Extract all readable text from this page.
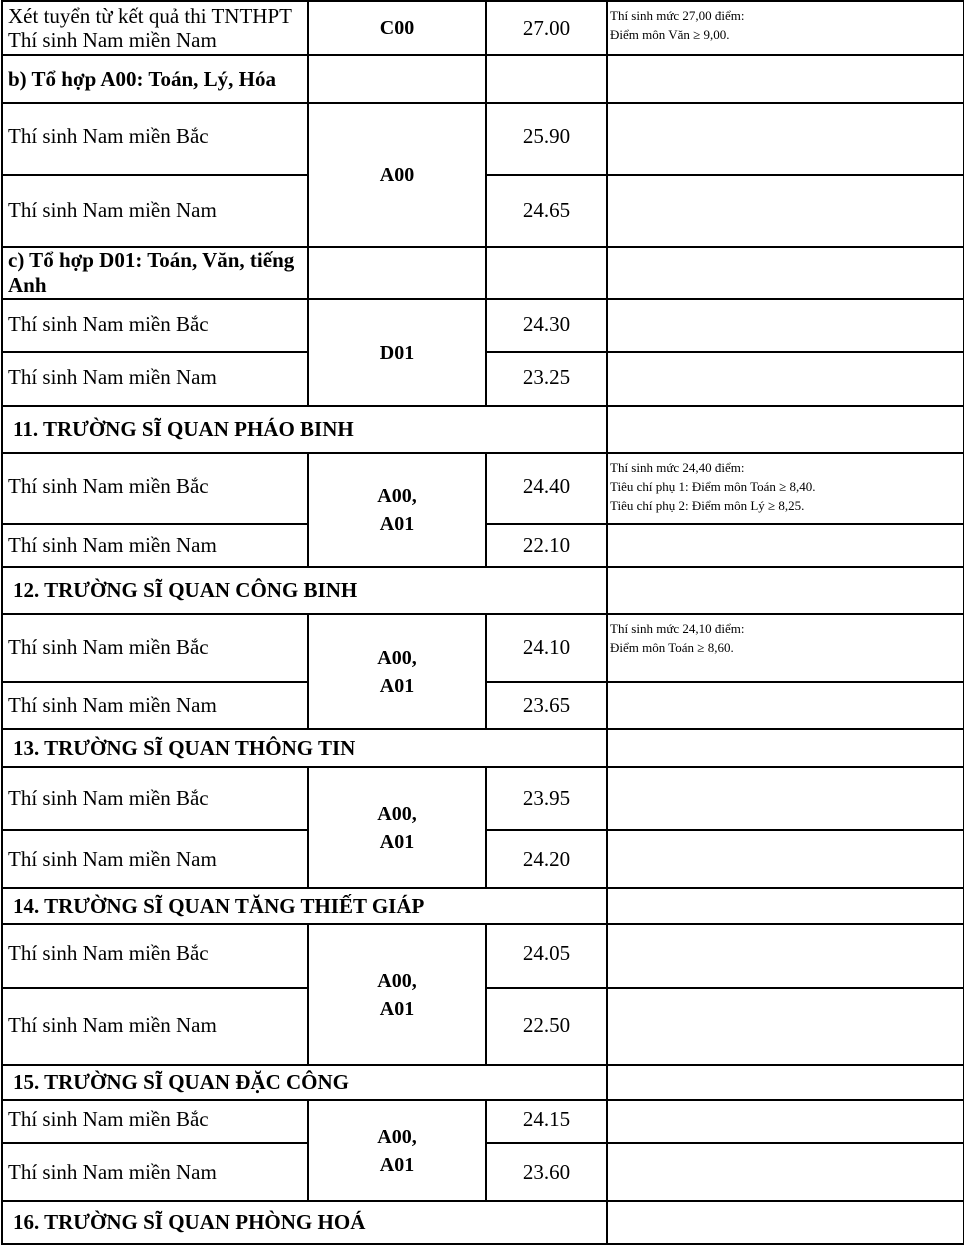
Xét tuyển từ kết quả thi TNTHPT
Thí sinh Nam miền Nam	C00	27.00	Thí sinh mức 27,00 điểm:
Điểm môn Văn ≥ 9,00.

b) Tổ hợp A00: Toán, Lý, Hóa			
Thí sinh Nam miền Bắc	A00	25.90	
Thí sinh Nam miền Nam		24.65	
c) Tổ hợp D01: Toán, Văn, tiếng Anh			
Thí sinh Nam miền Bắc	D01	24.30	
Thí sinh Nam miền Nam		23.25	
11. TRƯỜNG SĨ QUAN PHÁO BINH			
Thí sinh Nam miền Bắc	A00,
A01	24.40	Thí sinh mức 24,40 điểm:
Tiêu chí phụ 1: Điểm môn Toán ≥ 8,40.
Tiêu chí phụ 2: Điểm môn Lý ≥ 8,25.

Thí sinh Nam miền Nam		22.10	
12. TRƯỜNG SĨ QUAN CÔNG BINH			
Thí sinh Nam miền Bắc	A00,
A01	24.10	Thí sinh mức 24,10 điểm:
Điểm môn Toán ≥ 8,60.

Thí sinh Nam miền Nam		23.65	
13. TRƯỜNG SĨ QUAN THÔNG TIN			
Thí sinh Nam miền Bắc	A00,
A01	23.95	
Thí sinh Nam miền Nam		24.20	
14. TRƯỜNG SĨ QUAN TĂNG THIẾT GIÁP			
Thí sinh Nam miền Bắc	A00,
A01	24.05	
Thí sinh Nam miền Nam		22.50	
15. TRƯỜNG SĨ QUAN ĐẶC CÔNG			
Thí sinh Nam miền Bắc	A00,
A01	24.15	
Thí sinh Nam miền Nam		23.60	
16. TRƯỜNG SĨ QUAN PHÒNG HOÁ			
